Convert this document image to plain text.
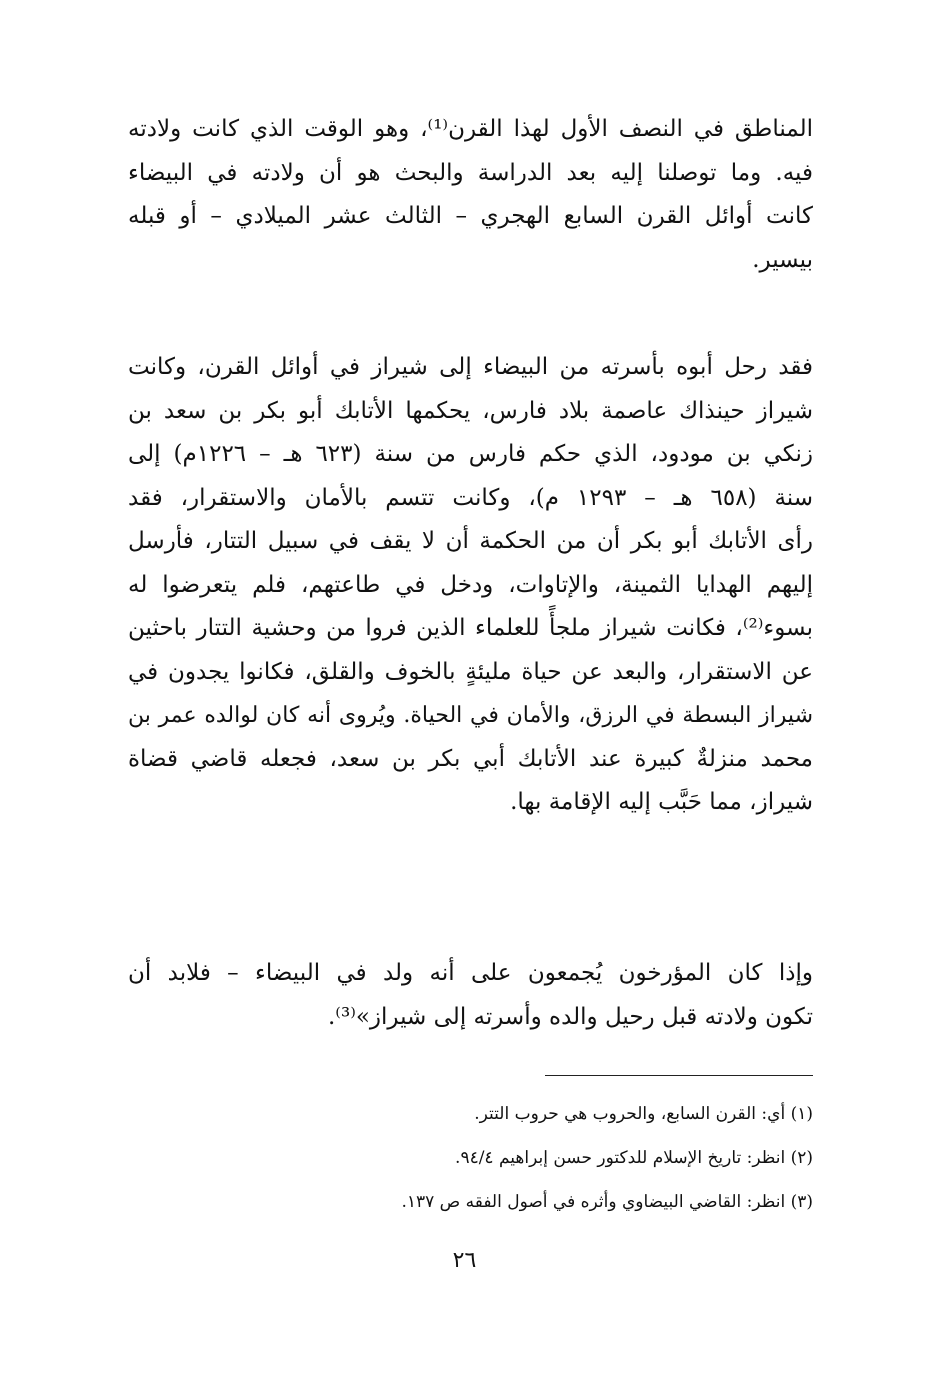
المناطق في النصف الأول لهذا القرن⁽¹⁾، وهو الوقت الذي كانت ولادته
فيه. وما توصلنا إليه بعد الدراسة والبحث هو أن ولادته في البيضاء
كانت أوائل القرن السابع الهجري – الثالث عشر الميلادي – أو قبله
بيسير.
فقد رحل أبوه بأسرته من البيضاء إلى شيراز في أوائل القرن، وكانت
شيراز حينذاك عاصمة بلاد فارس، يحكمها الأتابك أبو بكر بن سعد بن
زنكي بن مودود، الذي حكم فارس من سنة (٦٢٣ هـ – ١٢٢٦م) إلى
سنة (٦٥٨ هـ – ١٢٩٣ م)، وكانت تتسم بالأمان والاستقرار، فقد
رأى الأتابك أبو بكر أن من الحكمة أن لا يقف في سبيل التتار، فأرسل
إليهم الهدايا الثمينة، والإتاوات، ودخل في طاعتهم، فلم يتعرضوا له
بسوء⁽²⁾، فكانت شيراز ملجأً للعلماء الذين فروا من وحشية التتار باحثين
عن الاستقرار، والبعد عن حياة مليئةٍ بالخوف والقلق، فكانوا يجدون في
شيراز البسطة في الرزق، والأمان في الحياة. ويُروى أنه كان لوالده عمر بن
محمد منزلةٌ كبيرة عند الأتابك أبي بكر بن سعد، فجعله قاضي قضاة
شيراز، مما حَبَّب إليه الإقامة بها.
وإذا كان المؤرخون يُجمعون على أنه ولد في البيضاء – فلابد أن
تكون ولادته قبل رحيل والده وأسرته إلى شيراز»⁽³⁾.
(١) أي: القرن السابع، والحروب هي حروب التتر.
(٢) انظر: تاريخ الإسلام للدكتور حسن إبراهيم ٩٤/٤.
(٣) انظر: القاضي البيضاوي وأثره في أصول الفقه ص ١٣٧.
٢٦
